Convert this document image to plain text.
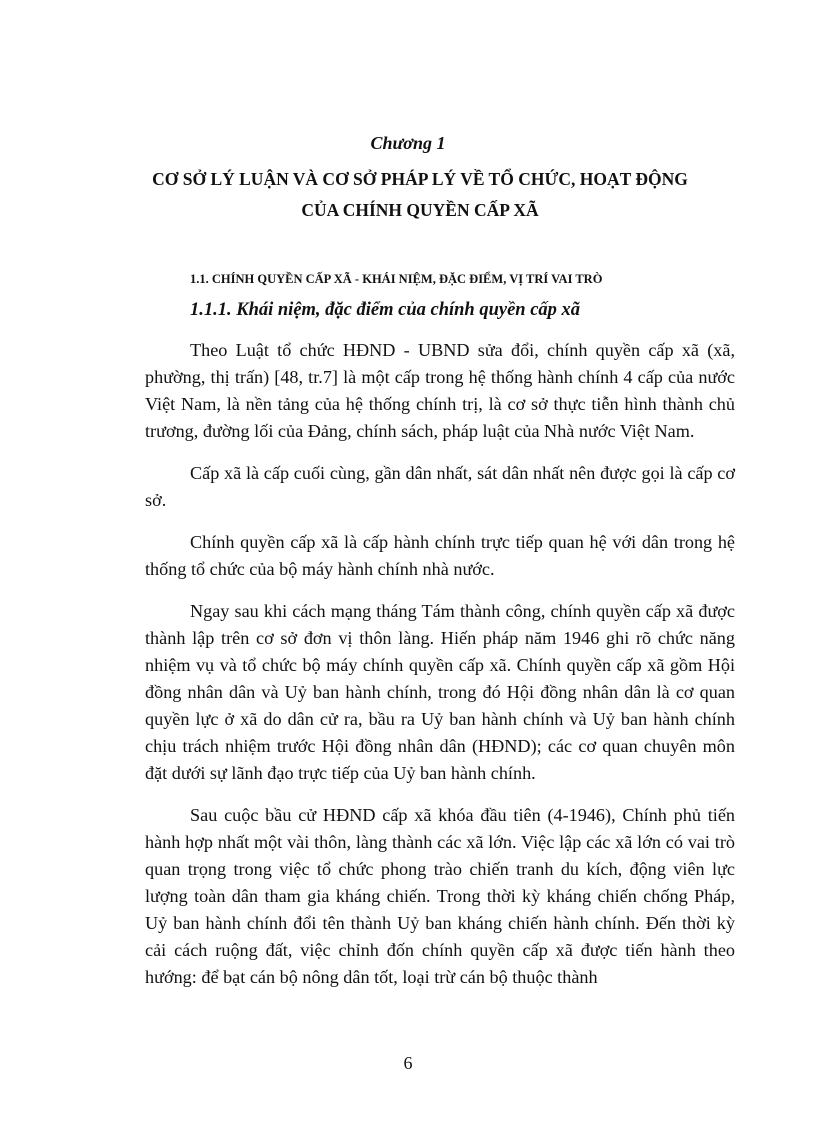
Chương 1
CƠ SỞ LÝ LUẬN VÀ CƠ SỞ PHÁP LÝ VỀ TỔ CHỨC, HOẠT ĐỘNG
CỦA CHÍNH QUYỀN CẤP XÃ
1.1. CHÍNH QUYỀN CẤP XÃ - KHÁI NIỆM, ĐẶC ĐIỂM, VỊ TRÍ VAI TRÒ
1.1.1. Khái niệm, đặc điểm của chính quyền cấp xã

Theo Luật tổ chức HĐND - UBND sửa đổi, chính quyền cấp xã (xã, phường, thị trấn) [48, tr.7] là một cấp trong hệ thống hành chính 4 cấp của nước Việt Nam, là nền tảng của hệ thống chính trị, là cơ sở thực tiễn hình thành chủ trương, đường lối của Đảng, chính sách, pháp luật của Nhà nước Việt Nam.

Cấp xã là cấp cuối cùng, gần dân nhất, sát dân nhất nên được gọi là cấp cơ sở.

Chính quyền cấp xã là cấp hành chính trực tiếp quan hệ với dân trong hệ thống tổ chức của bộ máy hành chính nhà nước.

Ngay sau khi cách mạng tháng Tám thành công, chính quyền cấp xã được thành lập trên cơ sở đơn vị thôn làng. Hiến pháp năm 1946 ghi rõ chức năng nhiệm vụ và tổ chức bộ máy chính quyền cấp xã. Chính quyền cấp xã gồm Hội đồng nhân dân và Uỷ ban hành chính, trong đó Hội đồng nhân dân là cơ quan quyền lực ở xã do dân cử ra, bầu ra Uỷ ban hành chính và Uỷ ban hành chính chịu trách nhiệm trước Hội đồng nhân dân (HĐND); các cơ quan chuyên môn đặt dưới sự lãnh đạo trực tiếp của Uỷ ban hành chính.

Sau cuộc bầu cử HĐND cấp xã khóa đầu tiên (4-1946), Chính phủ tiến hành hợp nhất một vài thôn, làng thành các xã lớn. Việc lập các xã lớn có vai trò quan trọng trong việc tổ chức phong trào chiến tranh du kích, động viên lực lượng toàn dân tham gia kháng chiến. Trong thời kỳ kháng chiến chống Pháp, Uỷ ban hành chính đổi tên thành Uỷ ban kháng chiến hành chính. Đến thời kỳ cải cách ruộng đất, việc chỉnh đốn chính quyền cấp xã được tiến hành theo hướng: để bạt cán bộ nông dân tốt, loại trừ cán bộ thuộc thành

6
